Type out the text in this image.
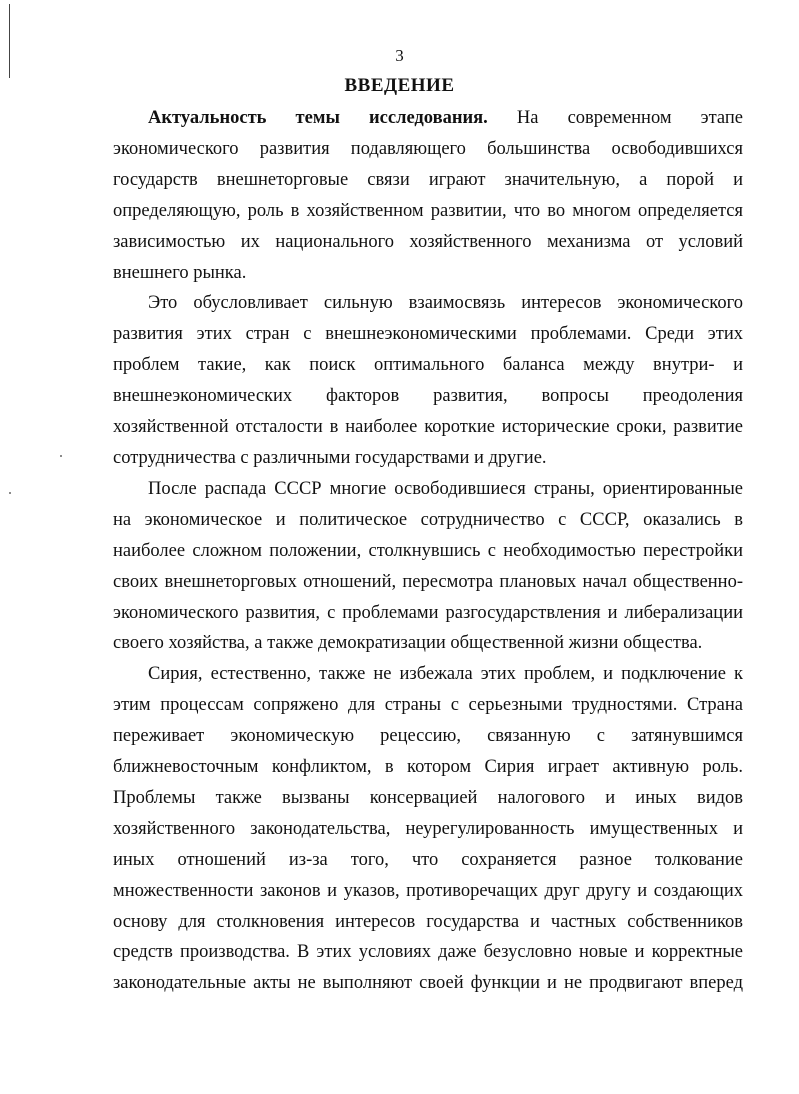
3
ВВЕДЕНИЕ

Актуальность темы исследования. На современном этапе экономического развития подавляющего большинства освободившихся государств внешнеторговые связи играют значительную, а порой и определяющую, роль в хозяйственном развитии, что во многом определяется зависимостью их национального хозяйственного механизма от условий внешнего рынка.

Это обусловливает сильную взаимосвязь интересов экономического развития этих стран с внешнеэкономическими проблемами. Среди этих проблем такие, как поиск оптимального баланса между внутри- и внешнеэкономических факторов развития, вопросы преодоления хозяйственной отсталости в наиболее короткие исторические сроки, развитие сотрудничества с различными государствами и другие.

После распада СССР многие освободившиеся страны, ориентированные на экономическое и политическое сотрудничество с СССР, оказались в наиболее сложном положении, столкнувшись с необходимостью перестройки своих внешнеторговых отношений, пересмотра плановых начал общественно-экономического развития, с проблемами разгосударствления и либерализации своего хозяйства, а также демократизации общественной жизни общества.

Сирия, естественно, также не избежала этих проблем, и подключение к этим процессам сопряжено для страны с серьезными трудностями. Страна переживает экономическую рецессию, связанную с затянувшимся ближневосточным конфликтом, в котором Сирия играет активную роль. Проблемы также вызваны консервацией налогового и иных видов хозяйственного законодательства, неурегулированность имущественных и иных отношений из-за того, что сохраняется разное толкование множественности законов и указов, противоречащих друг другу и создающих основу для столкновения интересов государства и частных собственников средств производства. В этих условиях даже безусловно новые и корректные законодательные акты не выполняют своей функции и не продвигают вперед
